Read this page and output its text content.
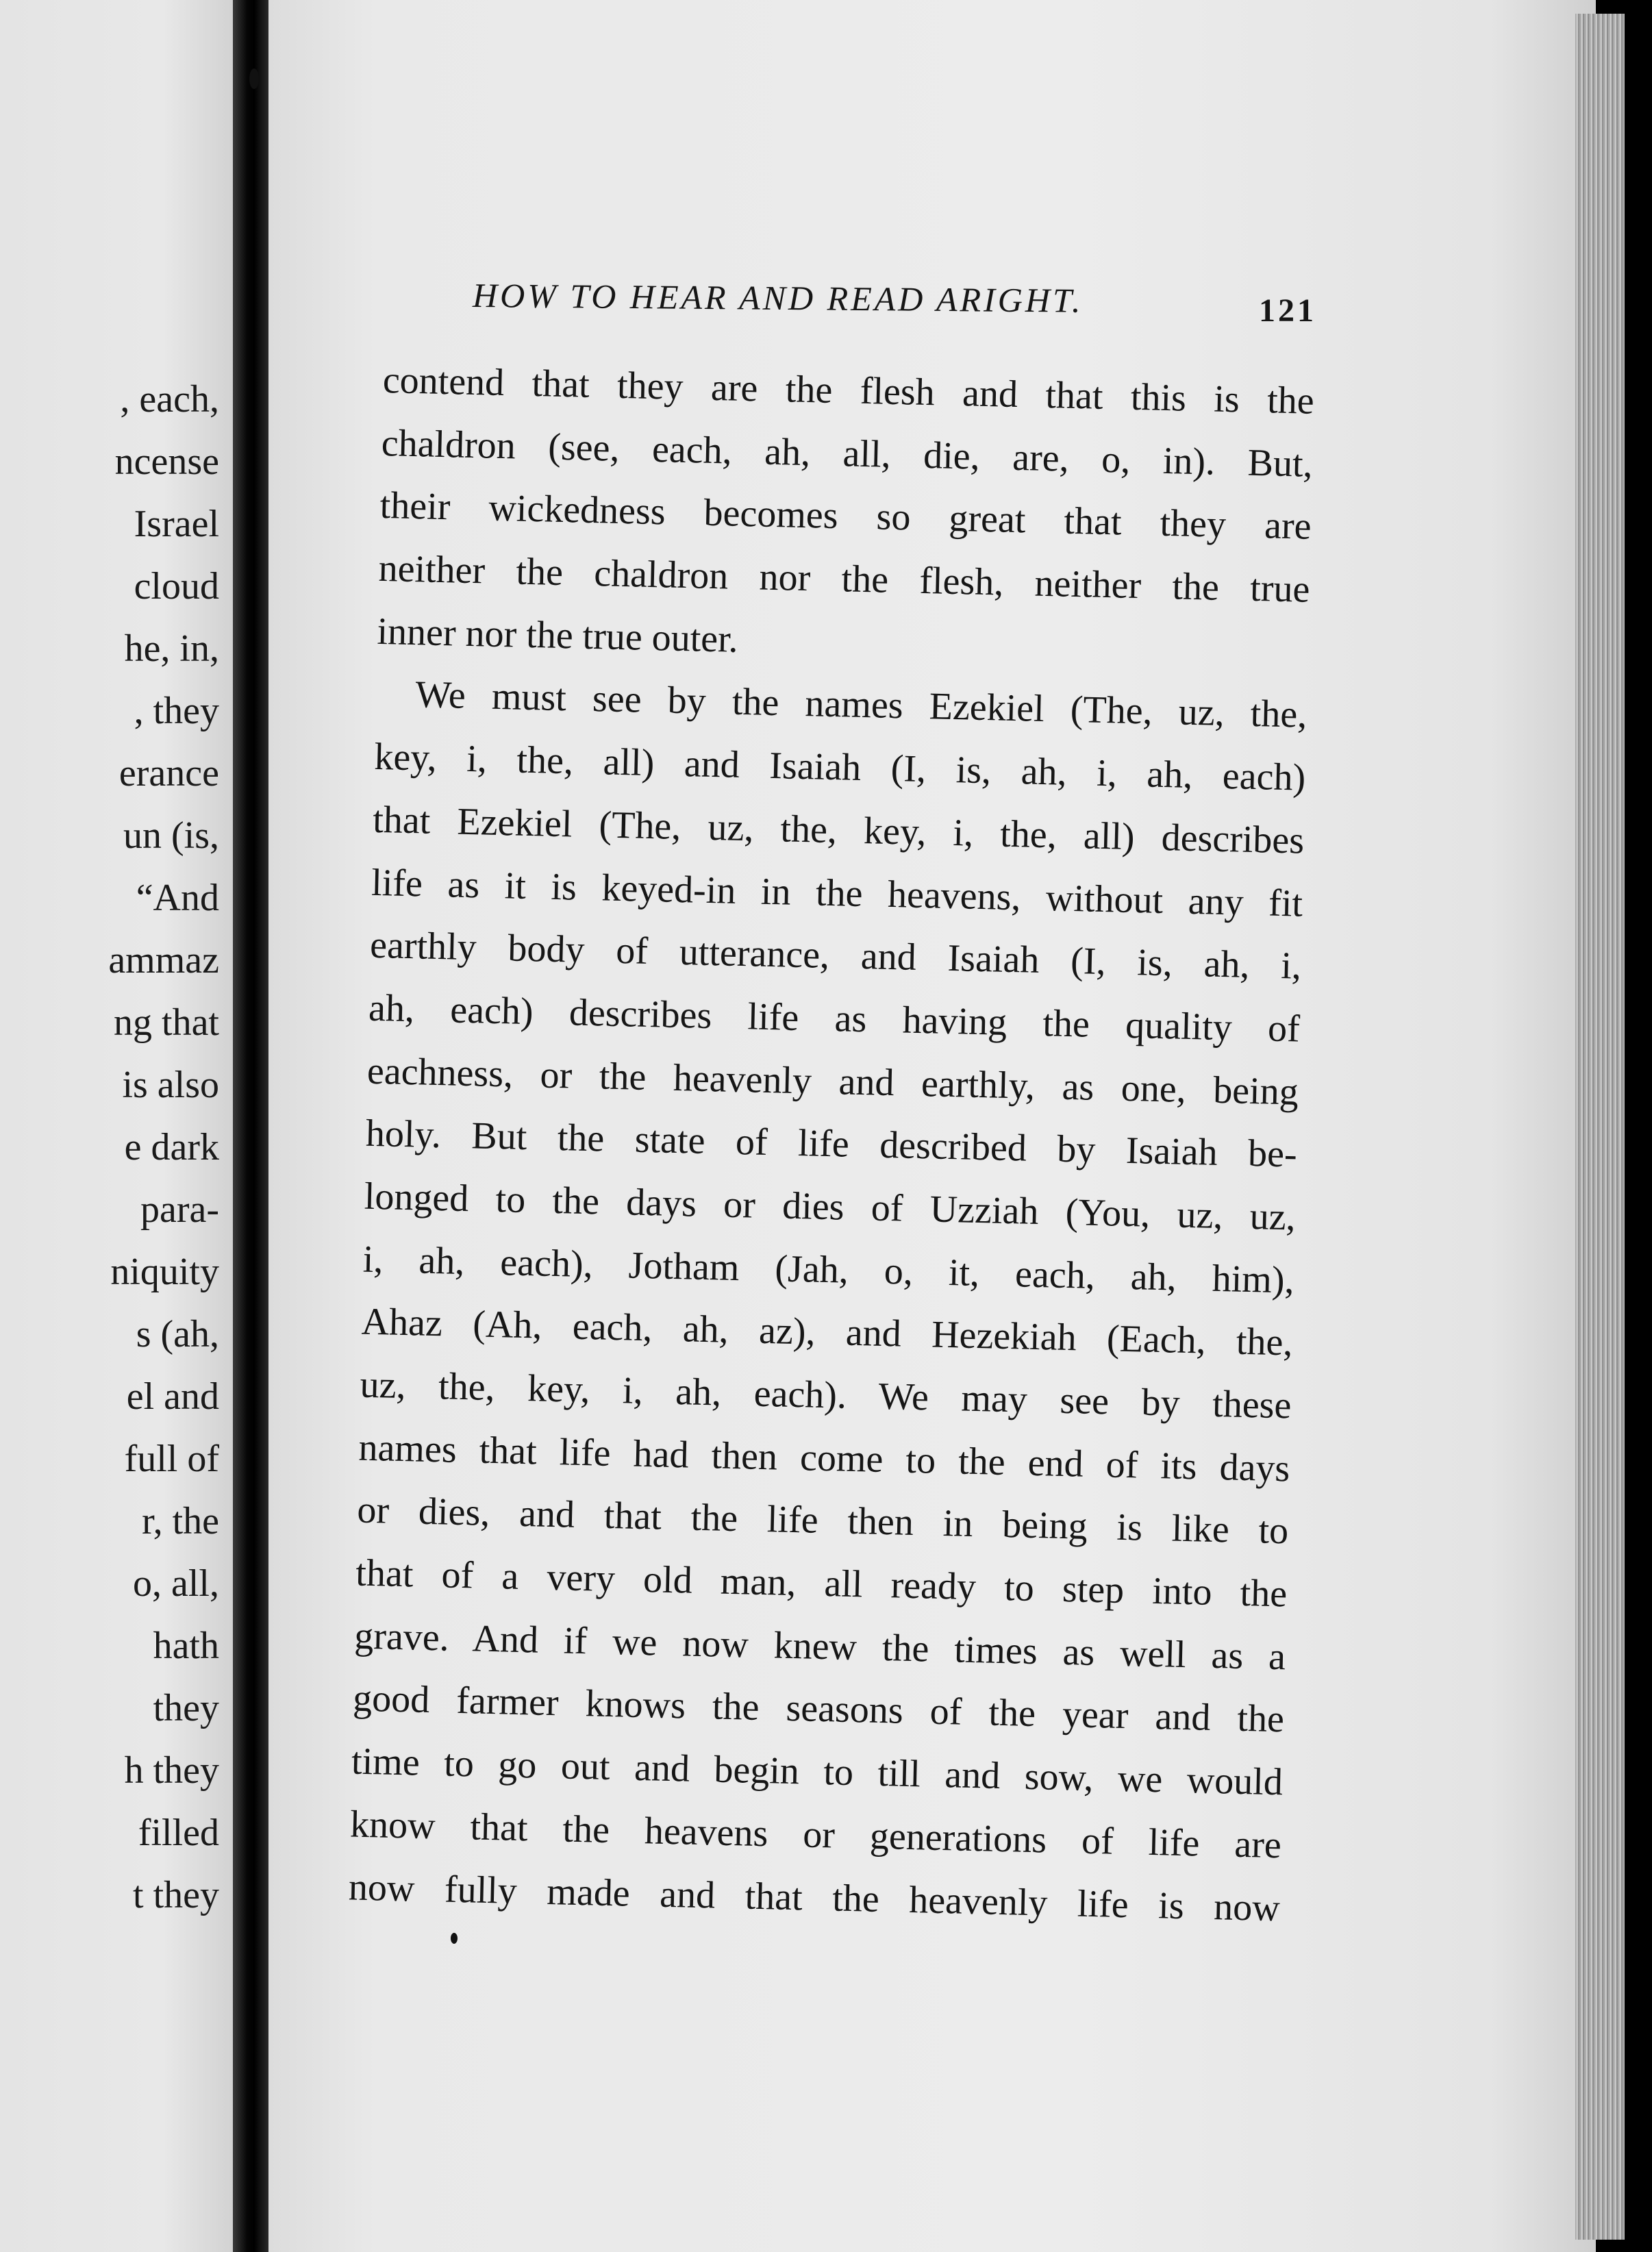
, each,
ncense
Israel
cloud
he, in,
, they
erance
un (is,
“And
ammaz
ng that
is also
e dark
para-
niquity
s (ah,
el and
full of
r, the
o, all,
hath
they
h they
filled
t they
HOW TO HEAR AND READ ARIGHT.	121
contend that they are the flesh and that this is the
chaldron (see, each, ah, all, die, are, o, in). But,
their wickedness becomes so great that they are
neither the chaldron nor the flesh, neither the true
inner nor the true outer.
We must see by the names Ezekiel (The, uz, the,
key, i, the, all) and Isaiah (I, is, ah, i, ah, each)
that Ezekiel (The, uz, the, key, i, the, all) describes
life as it is keyed-in in the heavens, without any fit
earthly body of utterance, and Isaiah (I, is, ah, i,
ah, each) describes life as having the quality of
eachness, or the heavenly and earthly, as one, being
holy. But the state of life described by Isaiah be-
longed to the days or dies of Uzziah (You, uz, uz,
i, ah, each), Jotham (Jah, o, it, each, ah, him),
Ahaz (Ah, each, ah, az), and Hezekiah (Each, the,
uz, the, key, i, ah, each). We may see by these
names that life had then come to the end of its days
or dies, and that the life then in being is like to
that of a very old man, all ready to step into the
grave. And if we now knew the times as well as a
good farmer knows the seasons of the year and the
time to go out and begin to till and sow, we would
know that the heavens or generations of life are
now fully made and that the heavenly life is now
